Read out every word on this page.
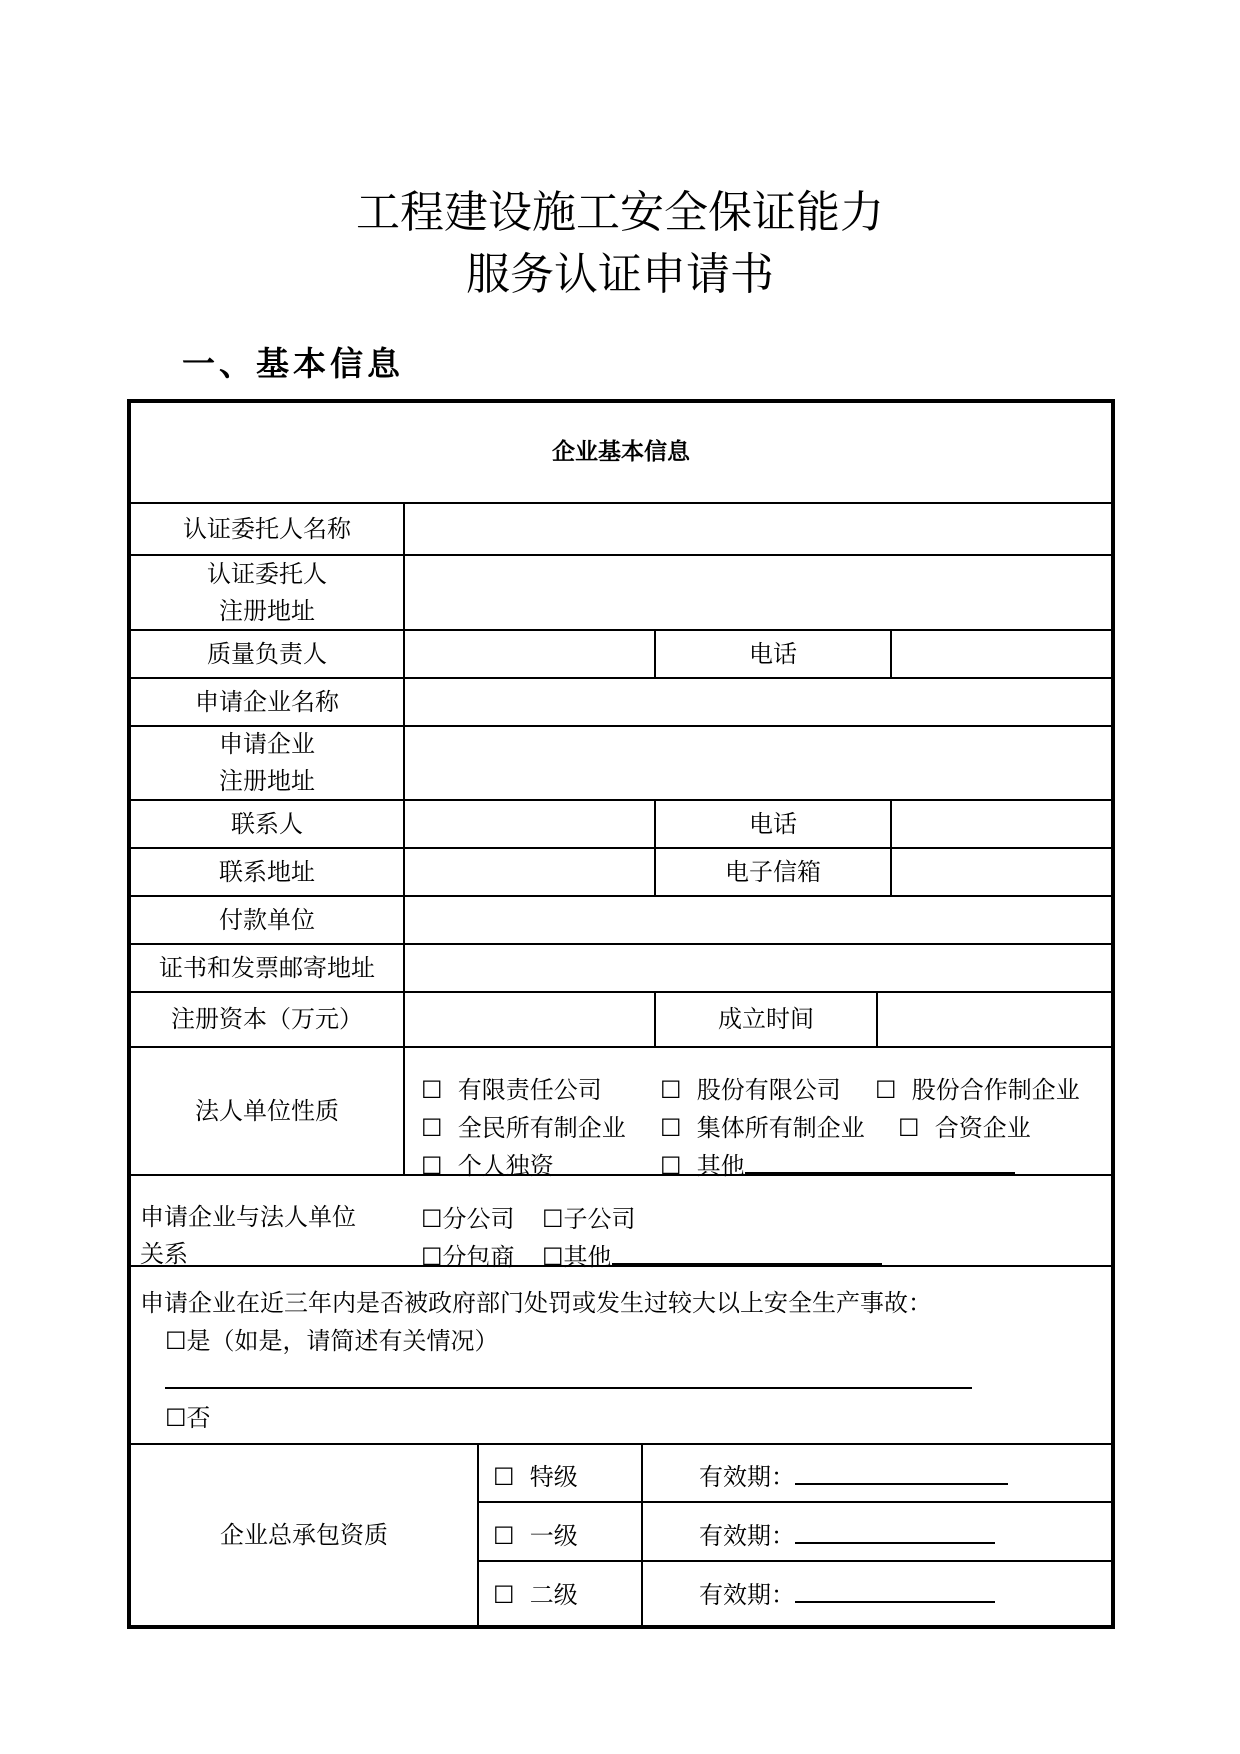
工程建设施工安全保证能力
服务认证申请书
一、基本信息
企业基本信息
认证委托人名称
认证委托人
注册地址
质量负责人	电话
申请企业名称
申请企业
注册地址
联系人	电话
联系地址	电子信箱
付款单位
证书和发票邮寄地址
注册资本（万元）	成立时间
法人单位性质
☐ 有限责任公司 ☐ 股份有限公司 ☐ 股份合作制企业
☐ 全民所有制企业 ☐ 集体所有制企业 ☐ 合资企业
☐ 个人独资	☐ 其他
申请企业与法人单位
关系
☐分公司 ☐子公司
☐分包商 ☐其他
申请企业在近三年内是否被政府部门处罚或发生过较大以上安全生产事故：
☐是（如是，请简述有关情况）
☐否
企业总承包资质
☐ 特级	有效期：
☐ 一级	有效期：
☐ 二级	有效期：
